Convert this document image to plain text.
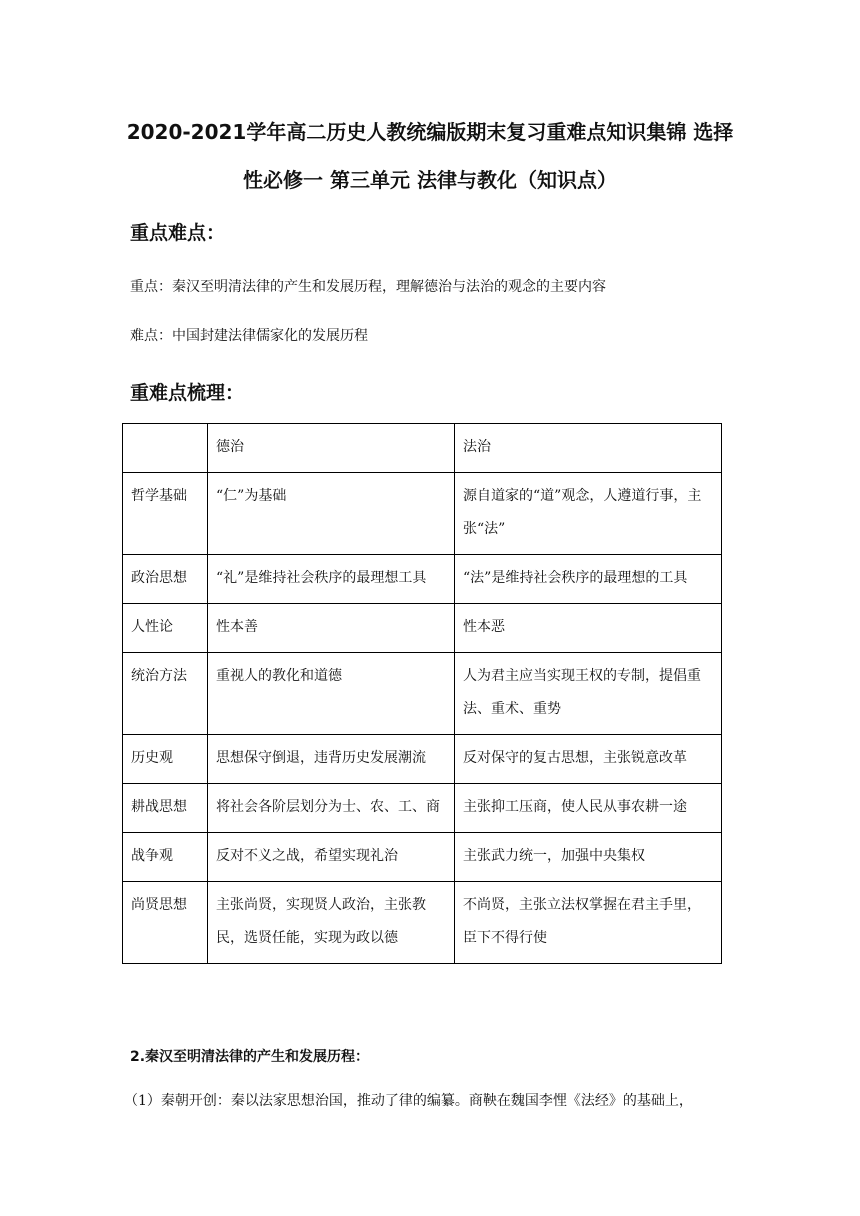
2020-2021学年高二历史人教统编版期末复习重难点知识集锦 选择
性必修一 第三单元 法律与教化（知识点）
重点难点：
重点：秦汉至明清法律的产生和发展历程，理解德治与法治的观念的主要内容
难点：中国封建法律儒家化的发展历程
重难点梳理：
	德治	法治
哲学基础	“仁”为基础	源自道家的“道”观念，人遵道行事，主张“法”
政治思想	“礼”是维持社会秩序的最理想工具	“法”是维持社会秩序的最理想的工具
人性论	性本善	性本恶
统治方法	重视人的教化和道德	人为君主应当实现王权的专制，提倡重法、重术、重势
历史观	思想保守倒退，违背历史发展潮流	反对保守的复古思想，主张锐意改革
耕战思想	将社会各阶层划分为士、农、工、商	主张抑工压商，使人民从事农耕一途
战争观	反对不义之战，希望实现礼治	主张武力统一，加强中央集权
尚贤思想	主张尚贤，实现贤人政治，主张教民，选贤任能，实现为政以德	不尚贤，主张立法权掌握在君主手里，臣下不得行使
2.秦汉至明清法律的产生和发展历程：
（1）秦朝开创：秦以法家思想治国，推动了律的编纂。商鞅在魏国李悝《法经》的基础上，
